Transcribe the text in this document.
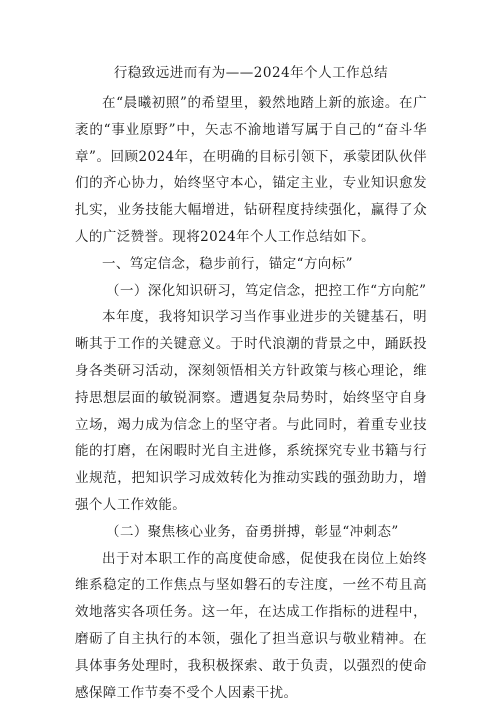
行稳致远进而有为——2024年个人工作总结

在“晨曦初照”的希望里，毅然地踏上新的旅途。在广袤的“事业原野”中，矢志不渝地谱写属于自己的“奋斗华章”。回顾2024年，在明确的目标引领下，承蒙团队伙伴们的齐心协力，始终坚守本心，锚定主业，专业知识愈发扎实，业务技能大幅增进，钻研程度持续强化，赢得了众人的广泛赞誉。现将2024年个人工作总结如下。

一、笃定信念，稳步前行，锚定“方向标”

（一）深化知识研习，笃定信念，把控工作“方向舵”

本年度，我将知识学习当作事业进步的关键基石，明晰其于工作的关键意义。于时代浪潮的背景之中，踊跃投身各类研习活动，深刻领悟相关方针政策与核心理论，维持思想层面的敏锐洞察。遭遇复杂局势时，始终坚守自身立场，竭力成为信念上的坚守者。与此同时，着重专业技能的打磨，在闲暇时光自主进修，系统探究专业书籍与行业规范，把知识学习成效转化为推动实践的强劲助力，增强个人工作效能。

（二）聚焦核心业务，奋勇拼搏，彰显“冲刺态”

出于对本职工作的高度使命感，促使我在岗位上始终维系稳定的工作焦点与坚如磐石的专注度，一丝不苟且高效地落实各项任务。这一年，在达成工作指标的进程中，磨砺了自主执行的本领，强化了担当意识与敬业精神。在具体事务处理时，我积极探索、敢于负责，以强烈的使命感保障工作节奏不受个人因素干扰。
